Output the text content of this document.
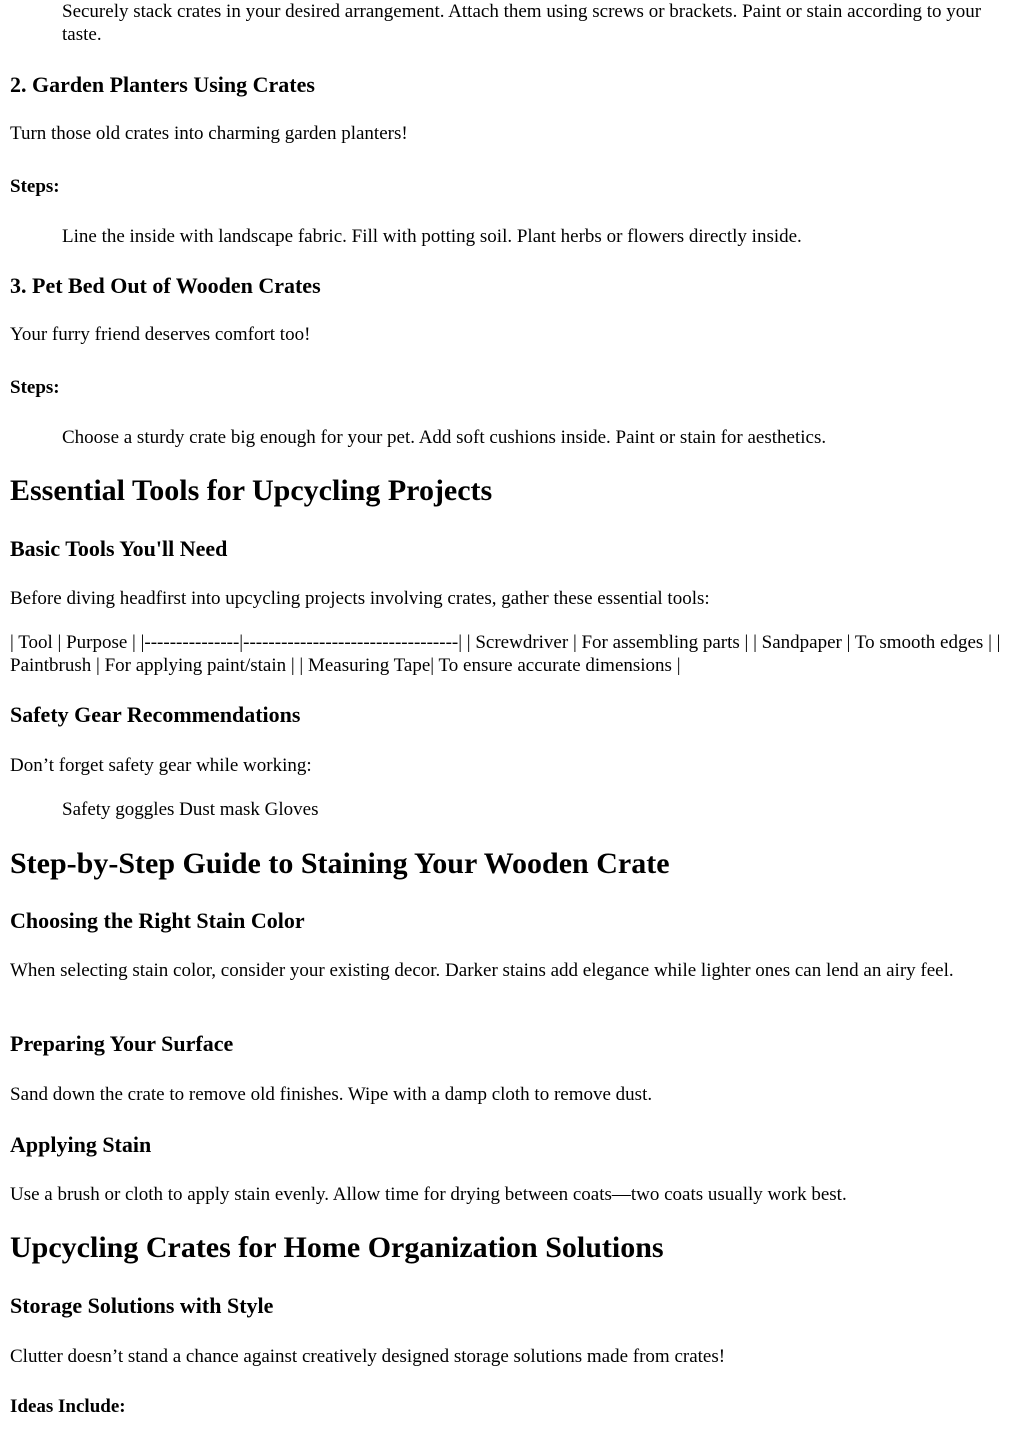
Securely stack crates in your desired arrangement. Attach them using screws or brackets. Paint or stain according to your taste.

2. Garden Planters Using Crates

Turn those old crates into charming garden planters!

Steps:

Line the inside with landscape fabric. Fill with potting soil. Plant herbs or flowers directly inside.

3. Pet Bed Out of Wooden Crates

Your furry friend deserves comfort too!

Steps:

Choose a sturdy crate big enough for your pet. Add soft cushions inside. Paint or stain for aesthetics.

Essential Tools for Upcycling Projects
Basic Tools You'll Need

Before diving headfirst into upcycling projects involving crates, gather these essential tools:

| Tool | Purpose | |---------------|----------------------------------| | Screwdriver | For assembling parts | | Sandpaper | To smooth edges | | Paintbrush | For applying paint/stain | | Measuring Tape| To ensure accurate dimensions |

Safety Gear Recommendations

Don’t forget safety gear while working:

Safety goggles Dust mask Gloves

Step-by-Step Guide to Staining Your Wooden Crate
Choosing the Right Stain Color

When selecting stain color, consider your existing decor. Darker stains add elegance while lighter ones can lend an airy feel.

Preparing Your Surface

Sand down the crate to remove old finishes. Wipe with a damp cloth to remove dust.

Applying Stain

Use a brush or cloth to apply stain evenly. Allow time for drying between coats—two coats usually work best.

Upcycling Crates for Home Organization Solutions
Storage Solutions with Style

Clutter doesn’t stand a chance against creatively designed storage solutions made from crates!

Ideas Include:
